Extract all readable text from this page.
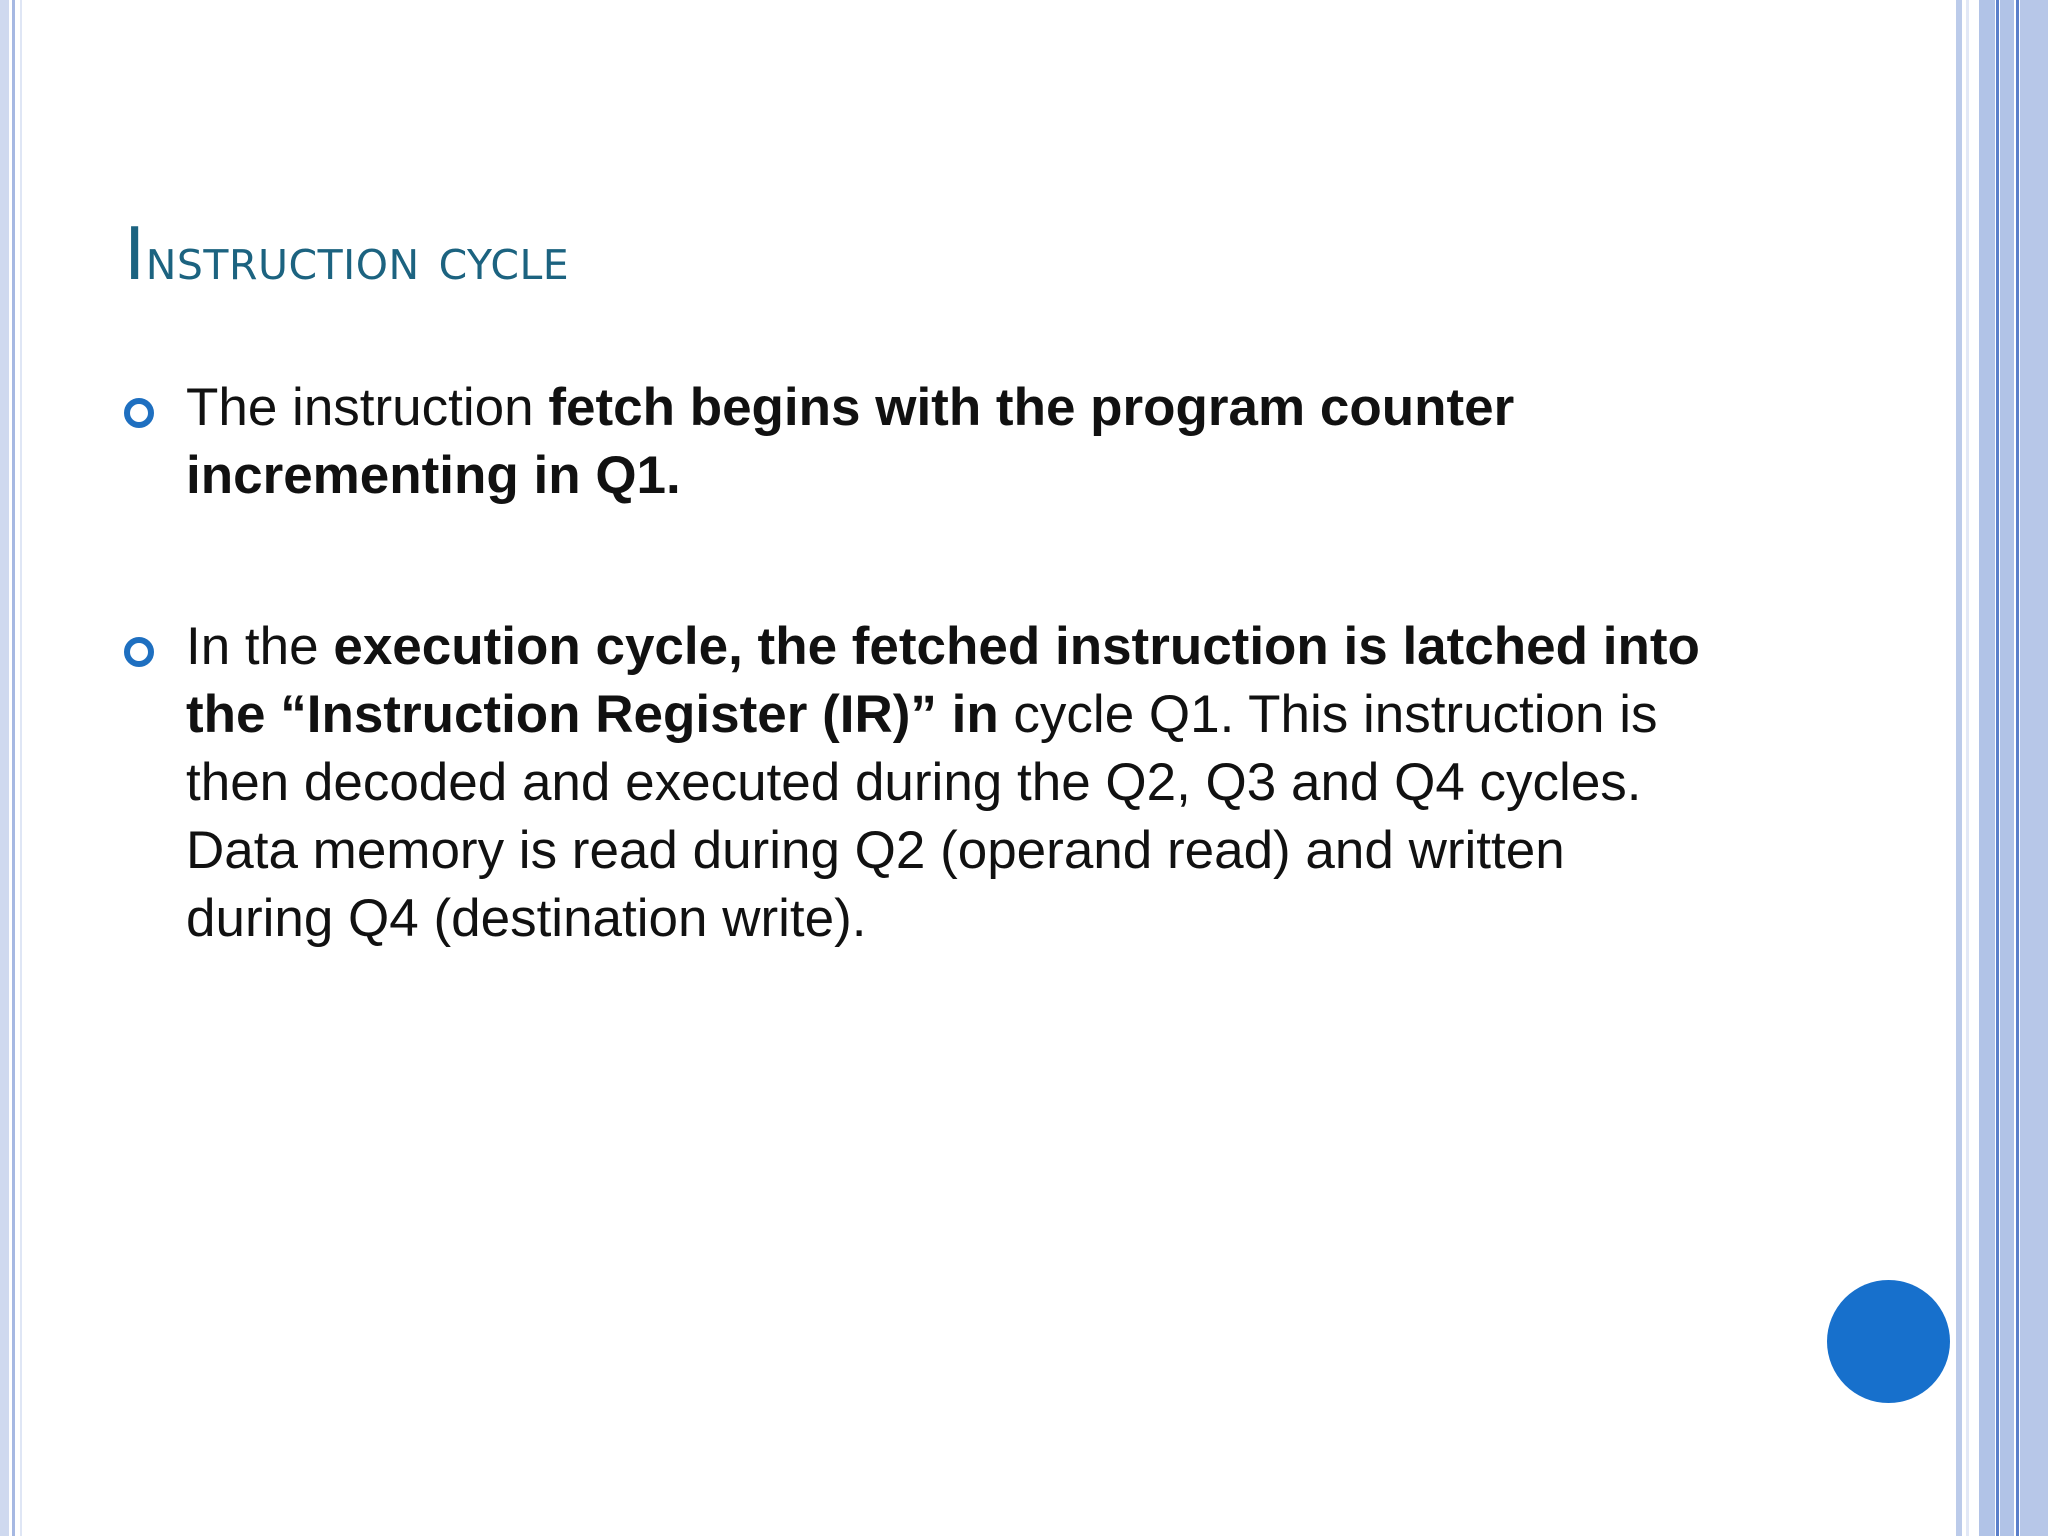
Instruction cycle

The instruction fetch begins with the program counter incrementing in Q1.

In the execution cycle, the fetched instruction is latched into the “Instruction Register (IR)” in cycle Q1. This instruction is then decoded and executed during the Q2, Q3 and Q4 cycles. Data memory is read during Q2 (operand read) and written during Q4 (destination write).
